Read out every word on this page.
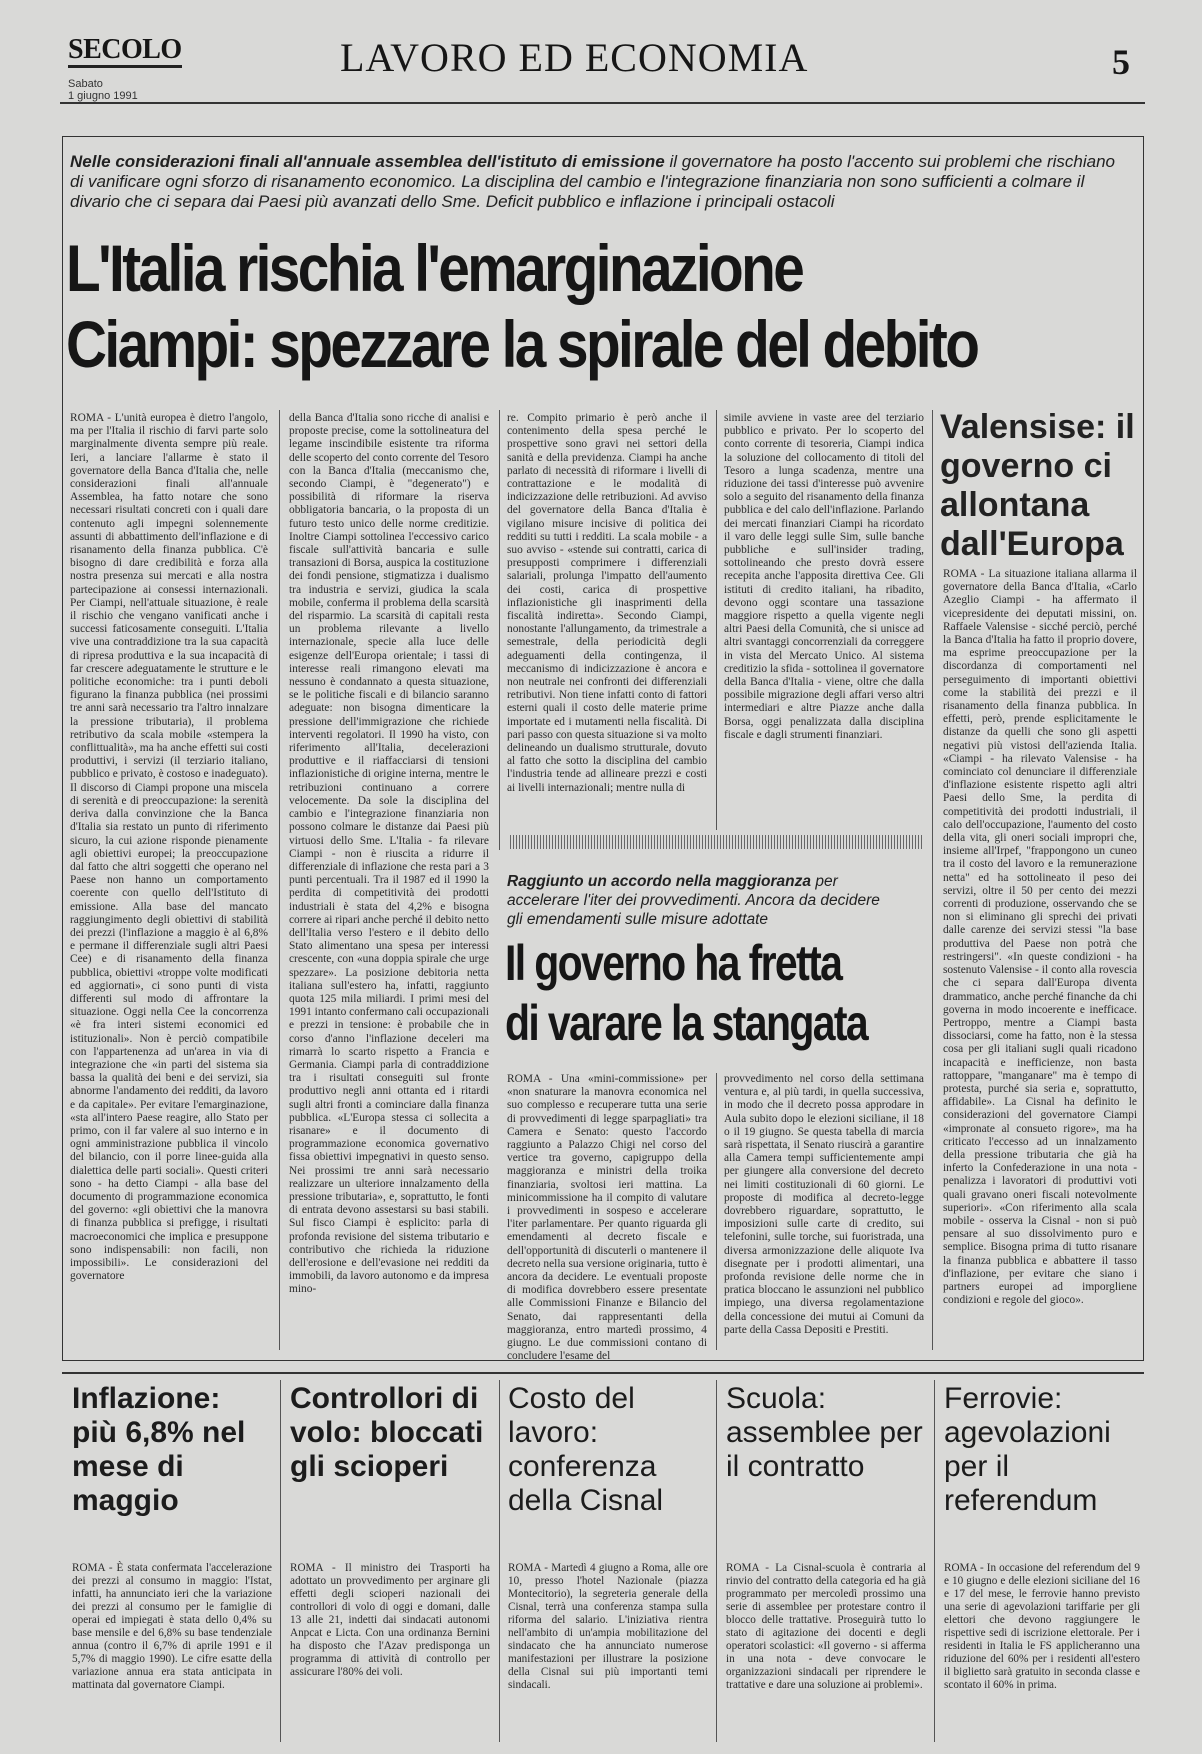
SECOLO
Sabato
1 giugno 1991
LAVORO ED ECONOMIA	5
Nelle considerazioni finali all'annuale assemblea dell'istituto di emissione il governatore ha posto l'accento sui problemi che rischiano di vanificare ogni sforzo di risanamento economico. La disciplina del cambio e l'integrazione finanziaria non sono sufficienti a colmare il divario che ci separa dai Paesi più avanzati dello Sme. Deficit pubblico e inflazione i principali ostacoli
L'Italia rischia l'emarginazione
Ciampi: spezzare la spirale del debito
ROMA - L'unità europea è dietro l'angolo, ma per l'Italia il rischio di farvi parte solo marginalmente diventa sempre più reale. Ieri, a lanciare l'allarme è stato il governatore della Banca d'Italia che, nelle considerazioni finali all'annuale Assemblea, ha fatto notare che sono necessari risultati concreti con i quali dare contenuto agli impegni solennemente assunti di abbattimento dell'inflazione e di risanamento della finanza pubblica. C'è bisogno di dare credibilità e forza alla nostra presenza sui mercati e alla nostra partecipazione ai consessi internazionali. Per Ciampi, nell'attuale situazione, è reale il rischio che vengano vanificati anche i successi faticosamente conseguiti. L'Italia vive una contraddizione tra la sua capacità di ripresa produttiva e la sua incapacità di far crescere adeguatamente le strutture e le politiche economiche: tra i punti deboli figurano la finanza pubblica (nei prossimi tre anni sarà necessario tra l'altro innalzare la pressione tributaria), il problema retributivo da scala mobile «stempera la conflittualità», ma ha anche effetti sui costi produttivi, i servizi (il terziario italiano, pubblico e privato, è costoso e inadeguato). Il discorso di Ciampi propone una miscela di serenità e di preoccupazione: la serenità deriva dalla convinzione che la Banca d'Italia sia restato un punto di riferimento sicuro, la cui azione risponde pienamente agli obiettivi europei; la preoccupazione dal fatto che altri soggetti che operano nel Paese non hanno un comportamento coerente con quello dell'Istituto di emissione. Alla base del mancato raggiungimento degli obiettivi di stabilità dei prezzi (l'inflazione a maggio è al 6,8% e permane il differenziale sugli altri Paesi Cee) e di risanamento della finanza pubblica, obiettivi «troppe volte modificati ed aggiornati», ci sono punti di vista differenti sul modo di affrontare la situazione. Oggi nella Cee la concorrenza «è fra interi sistemi economici ed istituzionali». Non è perciò compatibile con l'appartenenza ad un'area in via di integrazione che «in parti del sistema sia bassa la qualità dei beni e dei servizi, sia abnorme l'andamento dei redditi, da lavoro e da capitale». Per evitare l'emarginazione, «sta all'intero Paese reagire, allo Stato per primo, con il far valere al suo interno e in ogni amministrazione pubblica il vincolo del bilancio, con il porre linee-guida alla dialettica delle parti sociali». Questi criteri sono - ha detto Ciampi - alla base del documento di programmazione economica del governo: «gli obiettivi che la manovra di finanza pubblica si prefigge, i risultati macroeconomici che implica e presuppone sono indispensabili: non facili, non impossibili». Le considerazioni del governatore
della Banca d'Italia sono ricche di analisi e proposte precise, come la sottolineatura del legame inscindibile esistente tra riforma delle scoperto del conto corrente del Tesoro con la Banca d'Italia (meccanismo che, secondo Ciampi, è "degenerato") e possibilità di riformare la riserva obbligatoria bancaria, o la proposta di un futuro testo unico delle norme creditizie. Inoltre Ciampi sottolinea l'eccessivo carico fiscale sull'attività bancaria e sulle transazioni di Borsa, auspica la costituzione dei fondi pensione, stigmatizza i dualismo tra industria e servizi, giudica la scala mobile, conferma il problema della scarsità del risparmio. La scarsità di capitali resta un problema rilevante a livello internazionale, specie alla luce delle esigenze dell'Europa orientale; i tassi di interesse reali rimangono elevati ma nessuno è condannato a questa situazione, se le politiche fiscali e di bilancio saranno adeguate: non bisogna dimenticare la pressione dell'immigrazione che richiede interventi regolatori. Il 1990 ha visto, con riferimento all'Italia, decelerazioni produttive e il riaffacciarsi di tensioni inflazionistiche di origine interna, mentre le retribuzioni continuano a correre velocemente. Da sole la disciplina del cambio e l'integrazione finanziaria non possono colmare le distanze dai Paesi più virtuosi dello Sme. L'Italia - fa rilevare Ciampi - non è riuscita a ridurre il differenziale di inflazione che resta pari a 3 punti percentuali. Tra il 1987 ed il 1990 la perdita di competitività dei prodotti industriali è stata del 4,2% e bisogna correre ai ripari anche perché il debito netto dell'Italia verso l'estero e il debito dello Stato alimentano una spesa per interessi crescente, con «una doppia spirale che urge spezzare». La posizione debitoria netta italiana sull'estero ha, infatti, raggiunto quota 125 mila miliardi. I primi mesi del 1991 intanto confermano cali occupazionali e prezzi in tensione: è probabile che in corso d'anno l'inflazione deceleri ma rimarrà lo scarto rispetto a Francia e Germania. Ciampi parla di contraddizione tra i risultati conseguiti sul fronte produttivo negli anni ottanta ed i ritardi sugli altri fronti a cominciare dalla finanza pubblica. «L'Europa stessa ci sollecita a risanare» e il documento di programmazione economica governativo fissa obiettivi impegnativi in questo senso. Nei prossimi tre anni sarà necessario realizzare un ulteriore innalzamento della pressione tributaria», e, soprattutto, le fonti di entrata devono assestarsi su basi stabili. Sul fisco Ciampi è esplicito: parla di profonda revisione del sistema tributario e contributivo che richieda la riduzione dell'erosione e dell'evasione nei redditi da immobili, da lavoro autonomo e da impresa mino-
re. Compito primario è però anche il contenimento della spesa perché le prospettive sono gravi nei settori della sanità e della previdenza. Ciampi ha anche parlato di necessità di riformare i livelli di contrattazione e le modalità di indicizzazione delle retribuzioni. Ad avviso del governatore della Banca d'Italia è vigilano misure incisive di politica dei redditi su tutti i redditi. La scala mobile - a suo avviso - «stende sui contratti, carica di presupposti comprimere i differenziali salariali, prolunga l'impatto dell'aumento dei costi, carica di prospettive inflazionistiche gli inasprimenti della fiscalità indiretta». Secondo Ciampi, nonostante l'allungamento, da trimestrale a semestrale, della periodicità degli adeguamenti della contingenza, il meccanismo di indicizzazione è ancora e non neutrale nei confronti dei differenziali retributivi. Non tiene infatti conto di fattori esterni quali il costo delle materie prime importate ed i mutamenti nella fiscalità. Di pari passo con questa situazione si va molto delineando un dualismo strutturale, dovuto al fatto che sotto la disciplina del cambio l'industria tende ad allineare prezzi e costi ai livelli internazionali; mentre nulla di
simile avviene in vaste aree del terziario pubblico e privato. Per lo scoperto del conto corrente di tesoreria, Ciampi indica la soluzione del collocamento di titoli del Tesoro a lunga scadenza, mentre una riduzione dei tassi d'interesse può avvenire solo a seguito del risanamento della finanza pubblica e del calo dell'inflazione. Parlando dei mercati finanziari Ciampi ha ricordato il varo delle leggi sulle Sim, sulle banche pubbliche e sull'insider trading, sottolineando che presto dovrà essere recepita anche l'apposita direttiva Cee. Gli istituti di credito italiani, ha ribadito, devono oggi scontare una tassazione maggiore rispetto a quella vigente negli altri Paesi della Comunità, che si unisce ad altri svantaggi concorrenziali da correggere in vista del Mercato Unico. Al sistema creditizio la sfida - sottolinea il governatore della Banca d'Italia - viene, oltre che dalla possibile migrazione degli affari verso altri intermediari e altre Piazze anche dalla Borsa, oggi penalizzata dalla disciplina fiscale e dagli strumenti finanziari.
Valensise: il governo ci allontana dall'Europa
ROMA - La situazione italiana allarma il governatore della Banca d'Italia, «Carlo Azeglio Ciampi - ha affermato il vicepresidente dei deputati missini, on. Raffaele Valensise - sicché perciò, perché la Banca d'Italia ha fatto il proprio dovere, ma esprime preoccupazione per la discordanza di comportamenti nel perseguimento di importanti obiettivi come la stabilità dei prezzi e il risanamento della finanza pubblica. In effetti, però, prende esplicitamente le distanze da quelli che sono gli aspetti negativi più vistosi dell'azienda Italia. «Ciampi - ha rilevato Valensise - ha cominciato col denunciare il differenziale d'inflazione esistente rispetto agli altri Paesi dello Sme, la perdita di competitività dei prodotti industriali, il calo dell'occupazione, l'aumento del costo della vita, gli oneri sociali impropri che, insieme all'Irpef, "frappongono un cuneo tra il costo del lavoro e la remunerazione netta" ed ha sottolineato il peso dei servizi, oltre il 50 per cento dei mezzi correnti di produzione, osservando che se non si eliminano gli sprechi dei privati dalle carenze dei servizi stessi "la base produttiva del Paese non potrà che restringersi". «In queste condizioni - ha sostenuto Valensise - il conto alla rovescia che ci separa dall'Europa diventa drammatico, anche perché finanche da chi governa in modo incoerente e inefficace. Pertroppo, mentre a Ciampi basta dissociarsi, come ha fatto, non è la stessa cosa per gli italiani sugli quali ricadono incapacità e inefficienze, non basta rattoppare, "manganare" ma è tempo di protesta, purché sia seria e, soprattutto, affidabile». La Cisnal ha definito le considerazioni del governatore Ciampi «impronate al consueto rigore», ma ha criticato l'eccesso ad un innalzamento della pressione tributaria che già ha inferto la Confederazione in una nota - penalizza i lavoratori di produttivi voti quali gravano oneri fiscali notevolmente superiori». «Con riferimento alla scala mobile - osserva la Cisnal - non si può pensare al suo dissolvimento puro e semplice. Bisogna prima di tutto risanare la finanza pubblica e abbattere il tasso d'inflazione, per evitare che siano i partners europei ad imporgliene condizioni e regole del gioco».
Raggiunto un accordo nella maggioranza per accelerare l'iter dei provvedimenti. Ancora da decidere gli emendamenti sulle misure adottate
Il governo ha fretta
di varare la stangata
ROMA - Una «mini-commissione» per «non snaturare la manovra economica nel suo complesso e recuperare tutta una serie di provvedimenti di legge sparpagliati» tra Camera e Senato: questo l'accordo raggiunto a Palazzo Chigi nel corso del vertice tra governo, capigruppo della maggioranza e ministri della troika finanziaria, svoltosi ieri mattina. La minicommissione ha il compito di valutare i provvedimenti in sospeso e accelerare l'iter parlamentare. Per quanto riguarda gli emendamenti al decreto fiscale e dell'opportunità di discuterli o mantenere il decreto nella sua versione originaria, tutto è ancora da decidere. Le eventuali proposte di modifica dovrebbero essere presentate alle Commissioni Finanze e Bilancio del Senato, dai rappresentanti della maggioranza, entro martedì prossimo, 4 giugno. Le due commissioni contano di concludere l'esame del
provvedimento nel corso della settimana ventura e, al più tardi, in quella successiva, in modo che il decreto possa approdare in Aula subito dopo le elezioni siciliane, il 18 o il 19 giugno. Se questa tabella di marcia sarà rispettata, il Senato riuscirà a garantire alla Camera tempi sufficientemente ampi per giungere alla conversione del decreto nei limiti costituzionali di 60 giorni. Le proposte di modifica al decreto-legge dovrebbero riguardare, soprattutto, le imposizioni sulle carte di credito, sui telefonini, sulle torche, sui fuoristrada, una diversa armonizzazione delle aliquote Iva disegnate per i prodotti alimentari, una profonda revisione delle norme che in pratica bloccano le assunzioni nel pubblico impiego, una diversa regolamentazione della concessione dei mutui ai Comuni da parte della Cassa Depositi e Prestiti.
Inflazione: più 6,8% nel mese di maggio
ROMA - È stata confermata l'accelerazione dei prezzi al consumo in maggio: l'Istat, infatti, ha annunciato ieri che la variazione dei prezzi al consumo per le famiglie di operai ed impiegati è stata dello 0,4% su base mensile e del 6,8% su base tendenziale annua (contro il 6,7% di aprile 1991 e il 5,7% di maggio 1990). Le cifre esatte della variazione annua era stata anticipata in mattinata dal governatore Ciampi.
Controllori di volo: bloccati gli scioperi
ROMA - Il ministro dei Trasporti ha adottato un provvedimento per arginare gli effetti degli scioperi nazionali dei controllori di volo di oggi e domani, dalle 13 alle 21, indetti dai sindacati autonomi Anpcat e Licta. Con una ordinanza Bernini ha disposto che l'Azav predisponga un programma di attività di controllo per assicurare l'80% dei voli.
Costo del lavoro: conferenza della Cisnal
ROMA - Martedì 4 giugno a Roma, alle ore 10, presso l'hotel Nazionale (piazza Montecitorio), la segreteria generale della Cisnal, terrà una conferenza stampa sulla riforma del salario. L'iniziativa rientra nell'ambito di un'ampia mobilitazione del sindacato che ha annunciato numerose manifestazioni per illustrare la posizione della Cisnal sui più importanti temi sindacali.
Scuola: assemblee per il contratto
ROMA - La Cisnal-scuola è contraria al rinvio del contratto della categoria ed ha già programmato per mercoledì prossimo una serie di assemblee per protestare contro il blocco delle trattative. Proseguirà tutto lo stato di agitazione dei docenti e degli operatori scolastici: «Il governo - si afferma in una nota - deve convocare le organizzazioni sindacali per riprendere le trattative e dare una soluzione ai problemi».
Ferrovie: agevolazioni per il referendum
ROMA - In occasione del referendum del 9 e 10 giugno e delle elezioni siciliane del 16 e 17 del mese, le ferrovie hanno previsto una serie di agevolazioni tariffarie per gli elettori che devono raggiungere le rispettive sedi di iscrizione elettorale. Per i residenti in Italia le FS applicheranno una riduzione del 60% per i residenti all'estero il biglietto sarà gratuito in seconda classe e scontato il 60% in prima.
